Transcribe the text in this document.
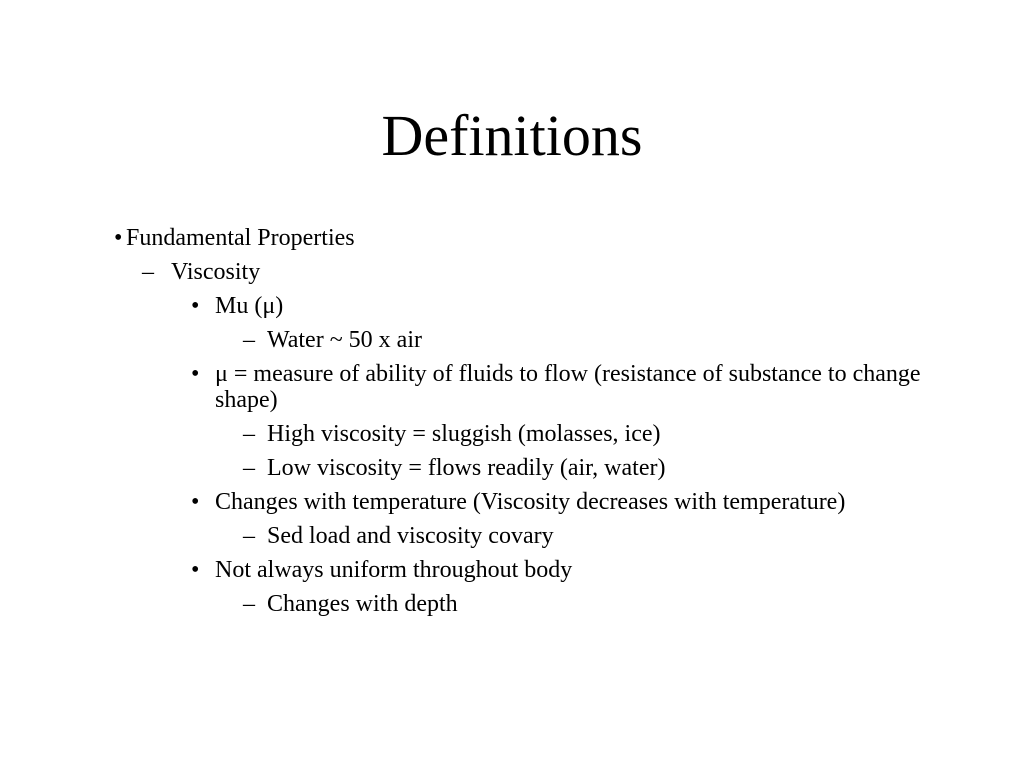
Definitions
• Fundamental Properties
– Viscosity
• Mu (μ)
– Water ~ 50 x air
• μ = measure of ability of fluids to flow (resistance of substance to change shape)
– High viscosity = sluggish (molasses, ice)
– Low viscosity = flows readily (air, water)
• Changes with temperature (Viscosity decreases with temperature)
– Sed load and viscosity covary
• Not always uniform throughout body
– Changes with depth
